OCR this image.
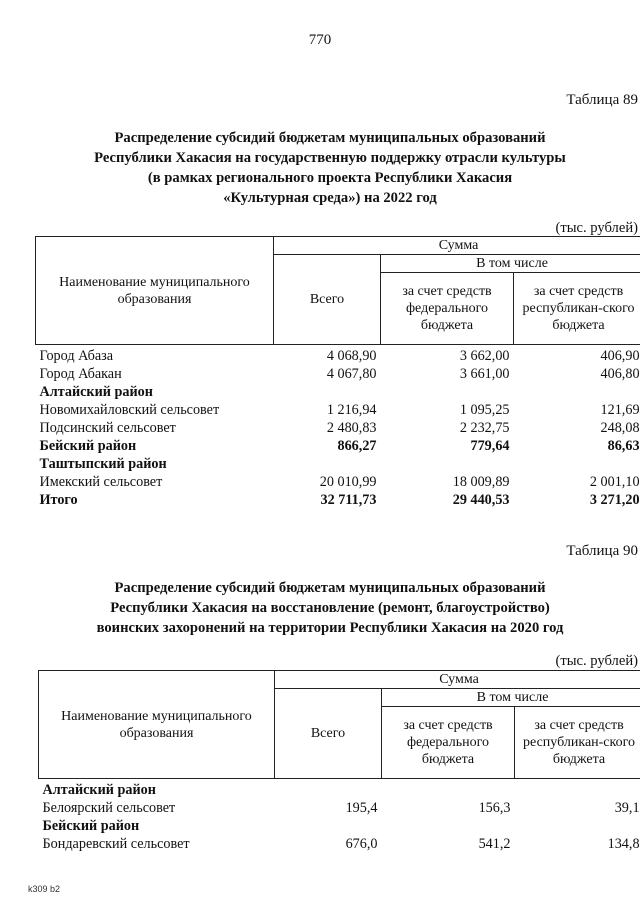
770
Таблица 89
Распределение субсидий бюджетам муниципальных образований
Республики Хакасия на государственную поддержку отрасли культуры
(в рамках регионального проекта Республики Хакасия
«Культурная среда») на 2022 год
(тыс. рублей)
Наименование муниципального образования	Сумма		
	Всего	В том числе	
		за счет средств федерального бюджета	за счет средств республикан-ского бюджета
Город Абаза	4 068,90	3 662,00	406,90
Город Абакан	4 067,80	3 661,00	406,80
Алтайский район			
Новомихайловский сельсовет	1 216,94	1 095,25	121,69
Подсинский сельсовет	2 480,83	2 232,75	248,08
Бейский район	866,27	779,64	86,63
Таштыпский район			
Имекский сельсовет	20 010,99	18 009,89	2 001,10
Итого	32 711,73	29 440,53	3 271,20
Таблица 90
Распределение субсидий бюджетам муниципальных образований
Республики Хакасия на восстановление (ремонт, благоустройство)
воинских захоронений на территории Республики Хакасия на 2020 год
(тыс. рублей)
Наименование муниципального образования	Сумма		
	Всего	В том числе	
		за счет средств федерального бюджета	за счет средств республикан-ского бюджета
Алтайский район			
Белоярский сельсовет	195,4	156,3	39,1
Бейский район			
Бондаревский сельсовет	676,0	541,2	134,8
k309 b2
